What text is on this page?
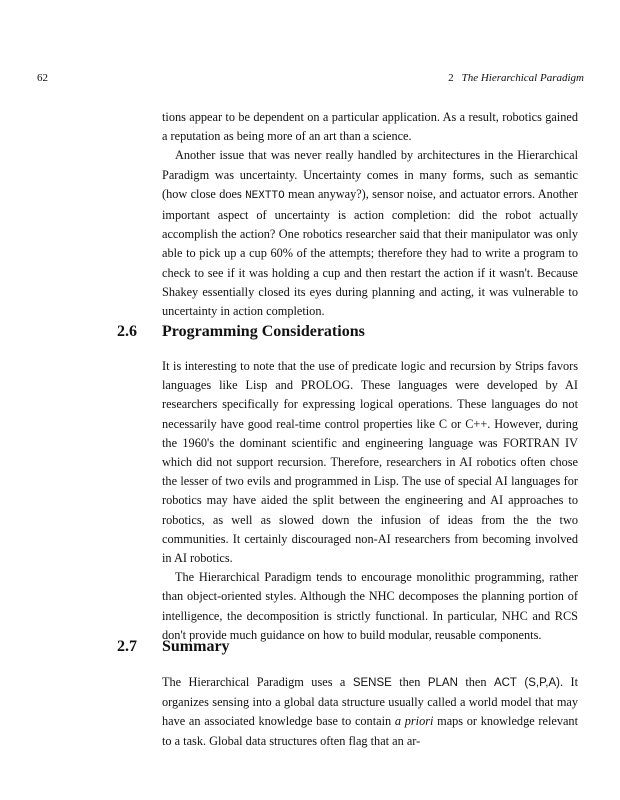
62	2 The Hierarchical Paradigm

tions appear to be dependent on a particular application. As a result, robotics gained a reputation as being more of an art than a science.

Another issue that was never really handled by architectures in the Hierarchical Paradigm was uncertainty. Uncertainty comes in many forms, such as semantic (how close does NEXTTO mean anyway?), sensor noise, and actuator errors. Another important aspect of uncertainty is action completion: did the robot actually accomplish the action? One robotics researcher said that their manipulator was only able to pick up a cup 60% of the attempts; therefore they had to write a program to check to see if it was holding a cup and then restart the action if it wasn't. Because Shakey essentially closed its eyes during planning and acting, it was vulnerable to uncertainty in action completion.

2.6 Programming Considerations

It is interesting to note that the use of predicate logic and recursion by Strips favors languages like Lisp and PROLOG. These languages were developed by AI researchers specifically for expressing logical operations. These languages do not necessarily have good real-time control properties like C or C++. However, during the 1960's the dominant scientific and engineering language was FORTRAN IV which did not support recursion. Therefore, researchers in AI robotics often chose the lesser of two evils and programmed in Lisp. The use of special AI languages for robotics may have aided the split between the engineering and AI approaches to robotics, as well as slowed down the infusion of ideas from the the two communities. It certainly discouraged non-AI researchers from becoming involved in AI robotics.

The Hierarchical Paradigm tends to encourage monolithic programming, rather than object-oriented styles. Although the NHC decomposes the planning portion of intelligence, the decomposition is strictly functional. In particular, NHC and RCS don't provide much guidance on how to build modular, reusable components.

2.7 Summary

The Hierarchical Paradigm uses a SENSE then PLAN then ACT (S,P,A). It organizes sensing into a global data structure usually called a world model that may have an associated knowledge base to contain a priori maps or knowledge relevant to a task. Global data structures often flag that an ar-
